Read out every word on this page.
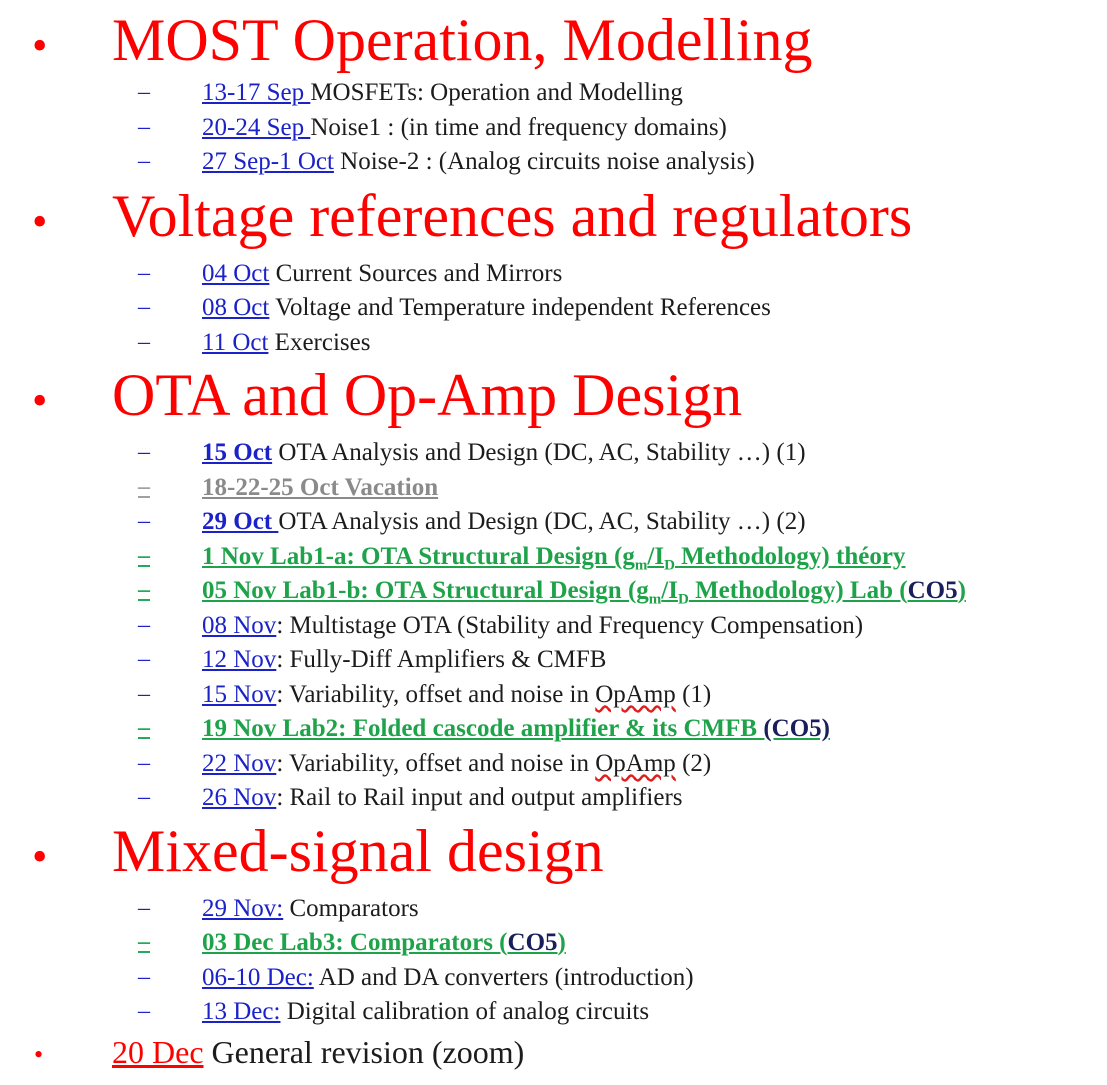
• MOST Operation, Modelling
– 13-17 Sep MOSFETs: Operation and Modelling
– 20-24 Sep Noise1 : (in time and frequency domains)
– 27 Sep-1 Oct Noise-2 : (Analog circuits noise analysis)
• Voltage references and regulators
– 04 Oct Current Sources and Mirrors
– 08 Oct Voltage and Temperature independent References
– 11 Oct Exercises
• OTA and Op-Amp Design
– 15 Oct OTA Analysis and Design (DC, AC, Stability …) (1)
– 18-22-25 Oct Vacation
– 29 Oct OTA Analysis and Design (DC, AC, Stability …) (2)
– 1 Nov Lab1-a: OTA Structural Design ($g_m/I_D$ Methodology) théory
– 05 Nov Lab1-b: OTA Structural Design ($g_m/I_D$ Methodology) Lab (CO5)
– 08 Nov: Multistage OTA (Stability and Frequency Compensation)
– 12 Nov: Fully-Diff Amplifiers & CMFB
– 15 Nov: Variability, offset and noise in OpAmp (1)
– 19 Nov Lab2: Folded cascode amplifier & its CMFB (CO5)
– 22 Nov: Variability, offset and noise in OpAmp (2)
– 26 Nov: Rail to Rail input and output amplifiers
• Mixed-signal design
– 29 Nov: Comparators
– 03 Dec Lab3: Comparators (CO5)
– 06-10 Dec: AD and DA converters (introduction)
– 13 Dec: Digital calibration of analog circuits
• 20 Dec General revision (zoom)
